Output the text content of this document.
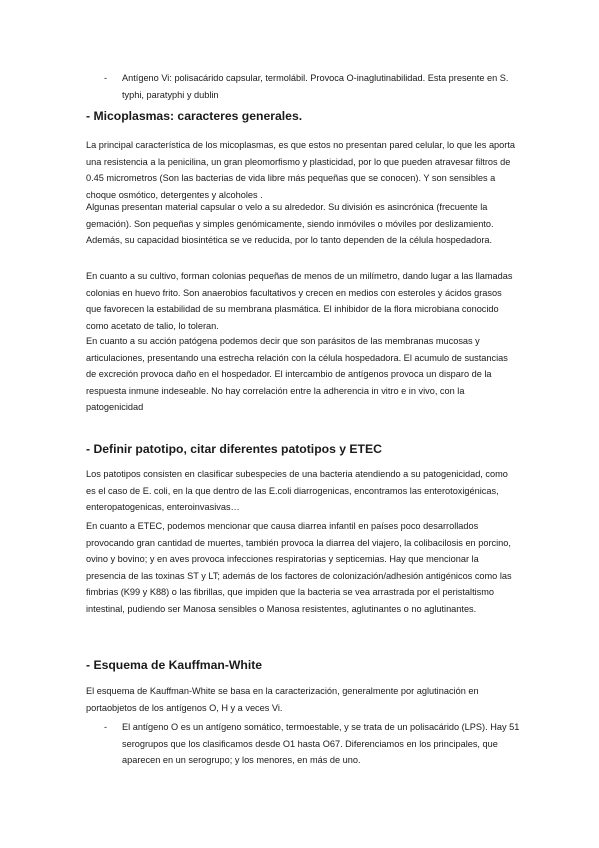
- Antígeno Vi: polisacárido capsular, termolábil. Provoca O-inaglutinabilidad. Esta presente en S. typhi, paratyphi y dublin
- Micoplasmas: caracteres generales.

La principal característica de los micoplasmas, es que estos no presentan pared celular, lo que les aporta una resistencia a la penicilina, un gran pleomorfismo y plasticidad, por lo que pueden atravesar filtros de 0.45 micrometros (Son las bacterias de vida libre más pequeñas que se conocen). Y son sensibles a choque osmótico, detergentes y alcoholes .

Algunas presentan material capsular o velo a su alrededor. Su división es asincrónica (frecuente la gemación). Son pequeñas y simples genómicamente, siendo inmóviles o móviles por deslizamiento. Además, su capacidad biosintética se ve reducida, por lo tanto dependen de la célula hospedadora.

En cuanto a su cultivo, forman colonias pequeñas de menos de un milímetro, dando lugar a las llamadas colonias en huevo frito. Son anaerobios facultativos y crecen en medios con esteroles y ácidos grasos que favorecen la estabilidad de su membrana plasmática. El inhibidor de la flora microbiana conocido como acetato de talio, lo toleran.

En cuanto a su acción patógena podemos decir que son parásitos de las membranas mucosas y articulaciones, presentando una estrecha relación con la célula hospedadora. El acumulo de sustancias de excreción provoca daño en el hospedador. El intercambio de antígenos provoca un disparo de la respuesta inmune indeseable. No hay correlación entre la adherencia in vitro e in vivo, con la patogenicidad

- Definir patotipo, citar diferentes patotipos y ETEC

Los patotipos consisten en clasificar subespecies de una bacteria atendiendo a su patogenicidad, como es el caso de E. coli, en la que dentro de las E.coli diarrogenicas, encontramos las enterotoxigénicas, enteropatogenicas, enteroinvasivas…

En cuanto a ETEC, podemos mencionar que causa diarrea infantil en países poco desarrollados provocando gran cantidad de muertes, también provoca la diarrea del viajero, la colibacilosis en porcino, ovino y bovino; y en aves provoca infecciones respiratorias y septicemias. Hay que mencionar la presencia de las toxinas ST y LT; además de los factores de colonización/adhesión antigénicos como las fimbrias (K99 y K88) o las fibrillas, que impiden que la bacteria se vea arrastrada por el peristaltismo intestinal, pudiendo ser Manosa sensibles o Manosa resistentes, aglutinantes o no aglutinantes.

- Esquema de Kauffman-White

El esquema de Kauffman-White se basa en la caracterización, generalmente por aglutinación en portaobjetos de los antígenos O, H y a veces Vi.

- El antígeno O es un antígeno somático, termoestable, y se trata de un polisacárido (LPS). Hay 51 serogrupos que los clasificamos desde O1 hasta O67. Diferenciamos en los principales, que aparecen en un serogrupo; y los menores, en más de uno.
